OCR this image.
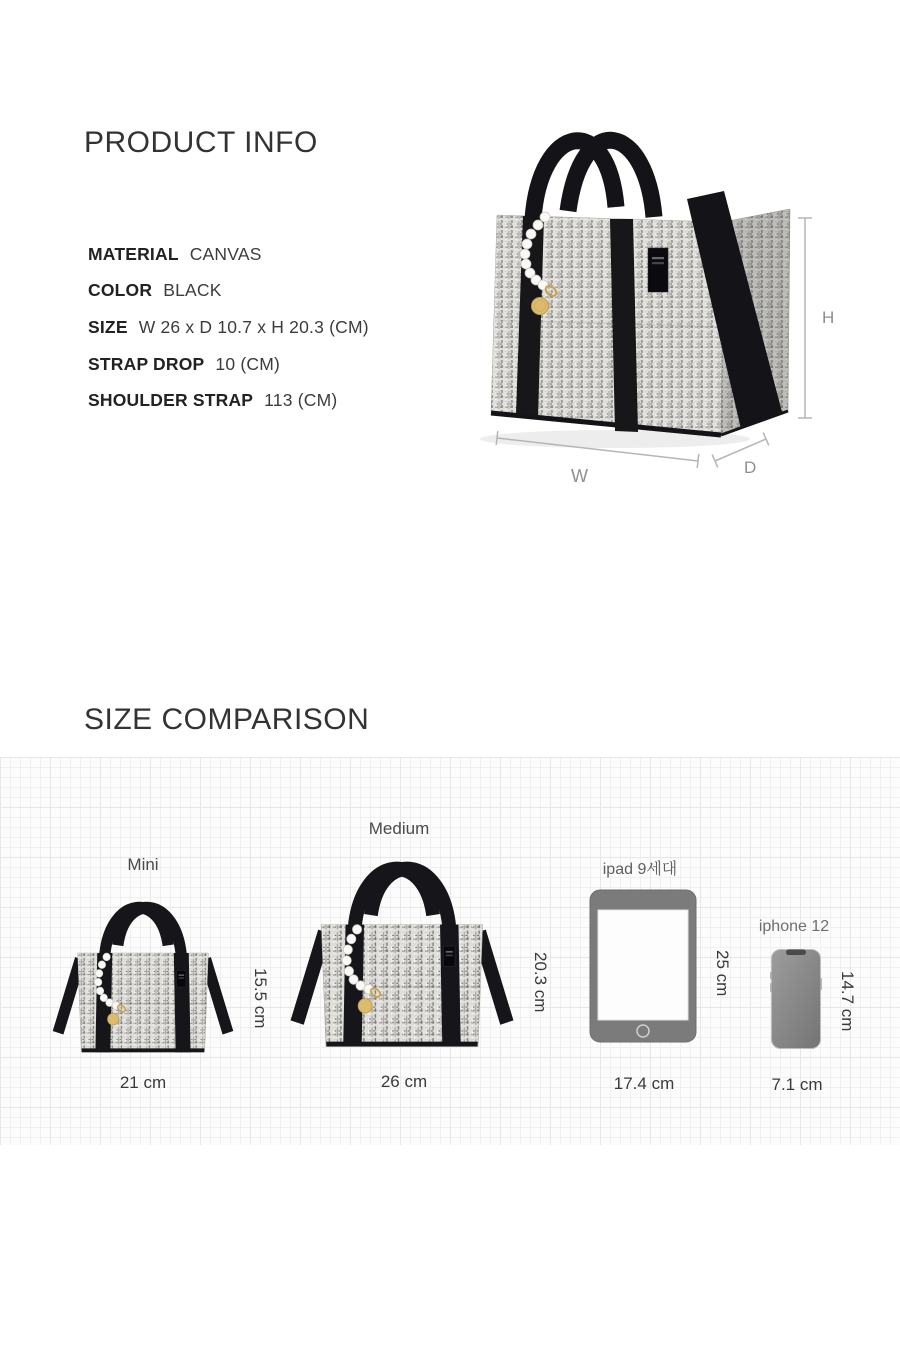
PRODUCT INFO
MATERIAL CANVAS
COLOR BLACK
SIZE W 26 x D 10.7 x H 20.3 (CM)
STRAP DROP 10 (CM)
SHOULDER STRAP 113 (CM)
H
W	D
SIZE COMPARISON
Mini
21 cm
15.5 cm
Medium
26 cm
20.3 cm
ipad 9세대
17.4 cm
25 cm
iphone 12
7.1 cm
14.7 cm
